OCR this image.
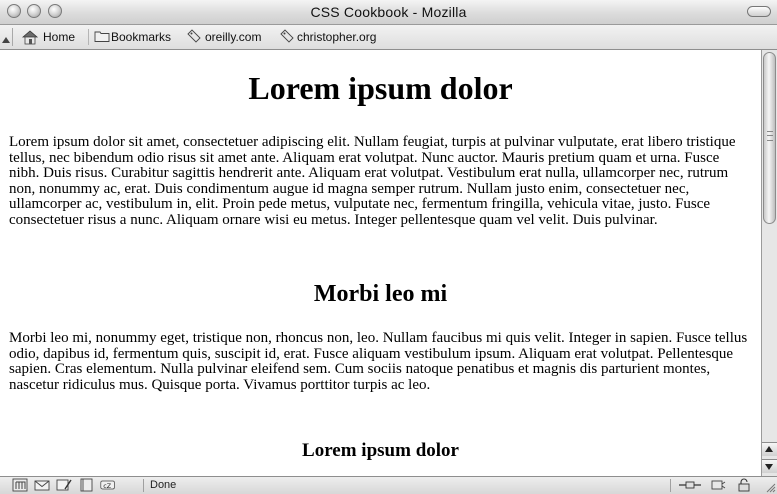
CSS Cookbook - Mozilla
Home	Bookmarks	oreilly.com	christopher.org
Lorem ipsum dolor

Lorem ipsum dolor sit amet, consectetuer adipiscing elit. Nullam feugiat, turpis at pulvinar vulputate, erat libero tristique tellus, nec bibendum odio risus sit amet ante. Aliquam erat volutpat. Nunc auctor. Mauris pretium quam et urna. Fusce nibh. Duis risus. Curabitur sagittis hendrerit ante. Aliquam erat volutpat. Vestibulum erat nulla, ullamcorper nec, rutrum non, nonummy ac, erat. Duis condimentum augue id magna semper rutrum. Nullam justo enim, consectetuer nec, ullamcorper ac, vestibulum in, elit. Proin pede metus, vulputate nec, fermentum fringilla, vehicula vitae, justo. Fusce consectetuer risus a nunc. Aliquam ornare wisi eu metus. Integer pellentesque quam vel velit. Duis pulvinar.

Morbi leo mi

Morbi leo mi, nonummy eget, tristique non, rhoncus non, leo. Nullam faucibus mi quis velit. Integer in sapien. Fusce tellus odio, dapibus id, fermentum quis, suscipit id, erat. Fusce aliquam vestibulum ipsum. Aliquam erat volutpat. Pellentesque sapien. Cras elementum. Nulla pulvinar eleifend sem. Cum sociis natoque penatibus et magnis dis parturient montes, nascetur ridiculus mus. Quisque porta. Vivamus porttitor turpis ac leo.

Lorem ipsum dolor
cZ	Done
